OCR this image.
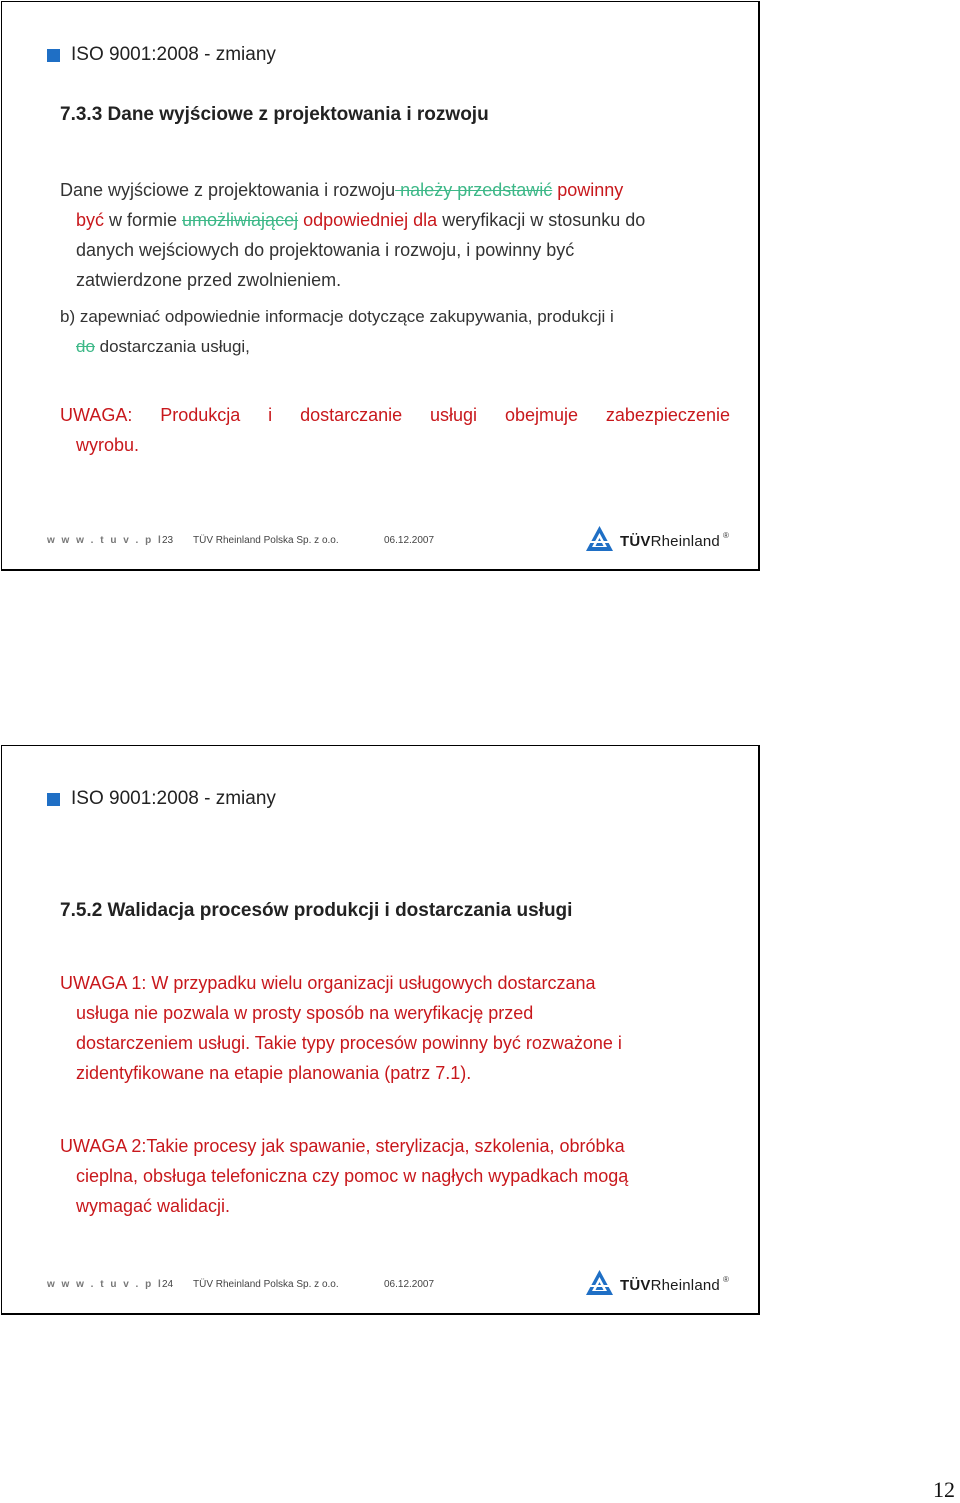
ISO 9001:2008 - zmiany
7.3.3 Dane wyjściowe z projektowania i rozwoju
Dane wyjściowe z projektowania i rozwoju należy przedstawić powinny
być w formie umożliwiającej odpowiedniej dla weryfikacji w stosunku do
danych wejściowych do projektowania i rozwoju, i powinny być
zatwierdzone przed zwolnieniem.
b) zapewniać odpowiednie informacje dotyczące zakupywania, produkcji i
do dostarczania usługi,
UWAGA: Produkcja i dostarczanie usługi obejmuje zabezpieczenie
wyrobu.
w w w . t u v . p l 23 TÜV Rheinland Polska Sp. z o.o.	06.12.2007	TÜVRheinland ®
ISO 9001:2008 - zmiany
7.5.2 Walidacja procesów produkcji i dostarczania usługi
UWAGA 1: W przypadku wielu organizacji usługowych dostarczana
usługa nie pozwala w prosty sposób na weryfikację przed
dostarczeniem usługi. Takie typy procesów powinny być rozważone i
zidentyfikowane na etapie planowania (patrz 7.1).
UWAGA 2:Takie procesy jak spawanie, sterylizacja, szkolenia, obróbka
cieplna, obsługa telefoniczna czy pomoc w nagłych wypadkach mogą
wymagać walidacji.
w w w . t u v . p l 24 TÜV Rheinland Polska Sp. z o.o.	06.12.2007	TÜVRheinland ®
12
